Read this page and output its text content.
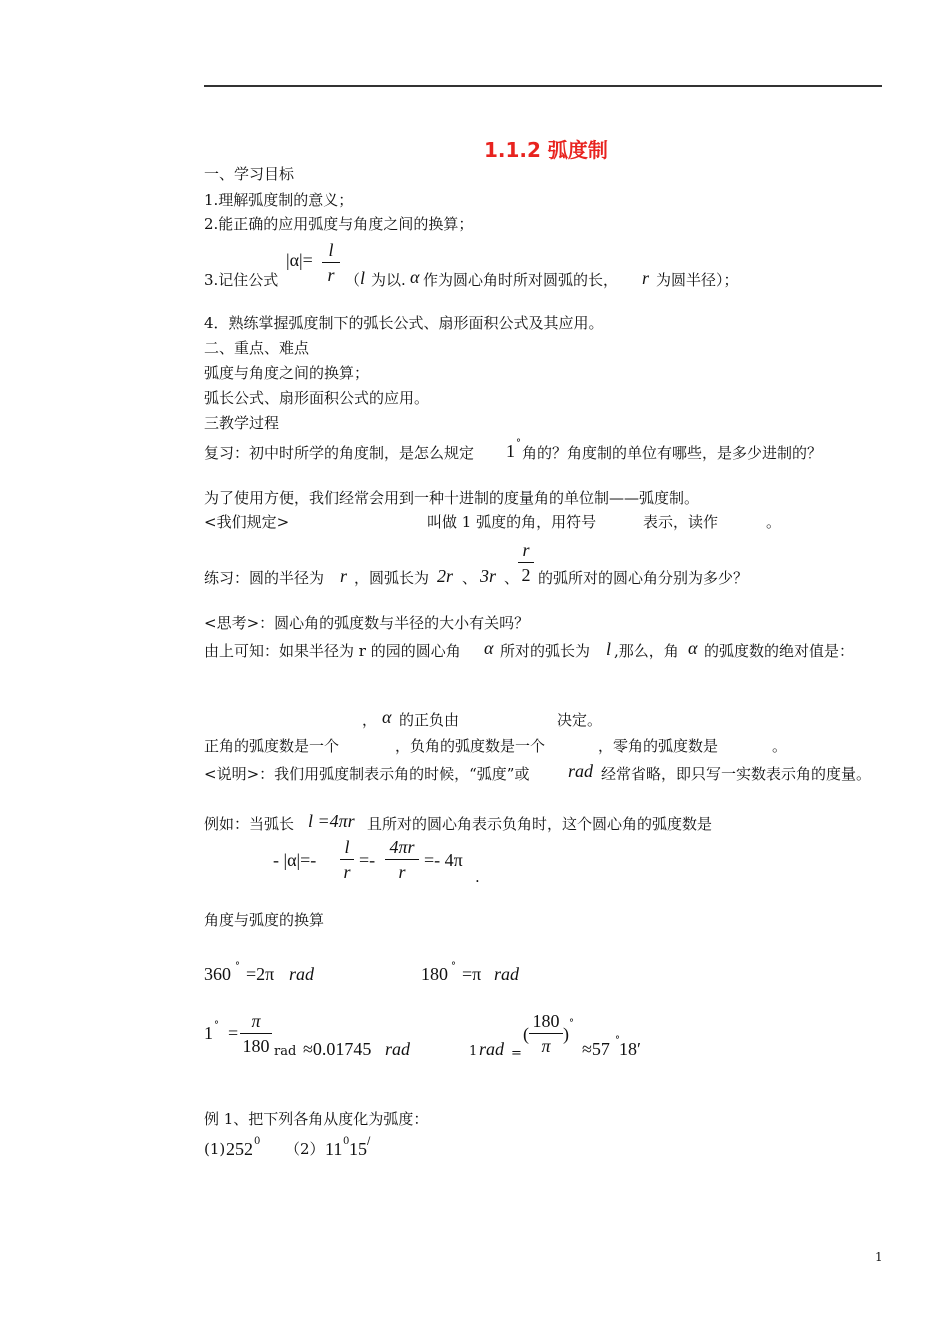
1.1.2 弧度制
一、学习目标
1.理解弧度制的意义；
2.能正确的应用弧度与角度之间的换算；
3.记住公式
|α|= l
r （ l 为以. α 作为圆心角时所对圆弧的长， r 为圆半径）；
4．熟练掌握弧度制下的弧长公式、扇形面积公式及其应用。
二、重点、难点
弧度与角度之间的换算；
弧长公式、扇形面积公式的应用。
三教学过程
复习：初中时所学的角度制，是怎么规定 1 °
角的？角度制的单位有哪些，是多少进制的？
为了使用方便，我们经常会用到一种十进制的度量角的单位制——弧度制。
<我们规定>	叫做 1 弧度的角，用符号	表示，读作	。
练习：圆的半径为 r ，圆弧长为 2r 、 3r 、
r
2 的弧所对的圆心角分别为多少？
<思考>：圆心角的弧度数与半径的大小有关吗？
由上可知：如果半径为 r 的园的圆心角 α 所对的弧长为 l ,那么，角 α 的弧度数的绝对值是：
， α 的正负由	决定。
正角的弧度数是一个	，负角的弧度数是一个	，零角的弧度数是	。
<说明>：我们用弧度制表示角的时候，“弧度”或 rad 经常省略，即只写一实数表示角的度量。
例如：当弧长 l =4πr 且所对的圆心角表示负角时，这个圆心角的弧度数是
- |α|=-
l
r
=-
4πr
r
=- 4π
.
角度与弧度的换算
360 ° =2π rad	180 ° =π rad
1 ° =
π
180 rad ≈0.01745 rad	1 rad =
(
180
π
)
°
≈57 ° 18′
例 1、把下列各角从度化为弧度：
(1) 252 0 （2） 11 0 15 /
1
